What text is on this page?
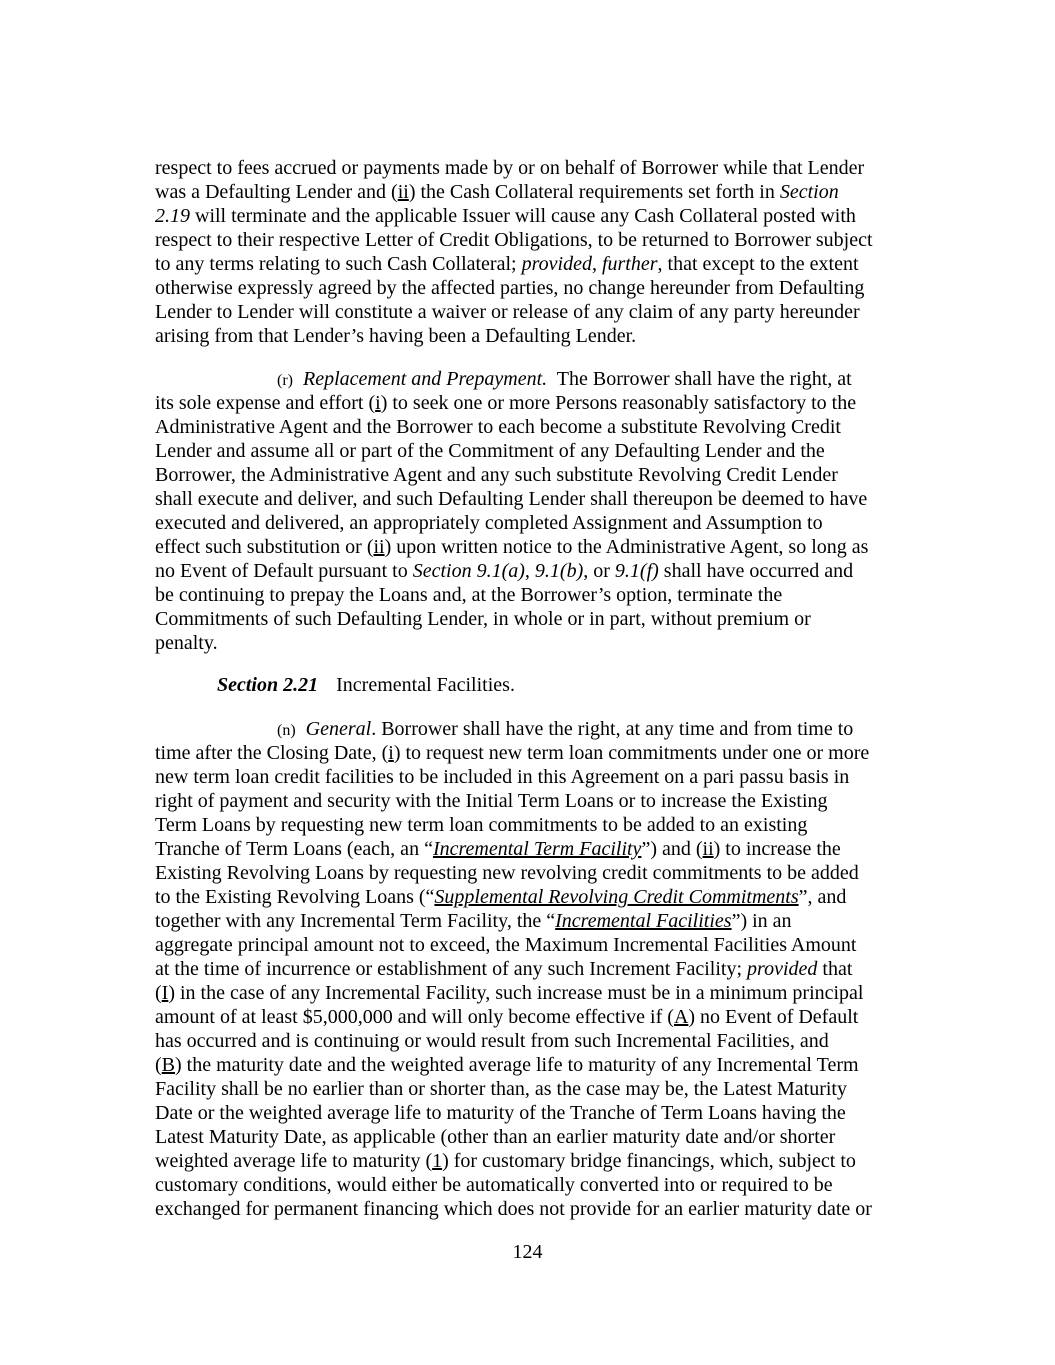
respect to fees accrued or payments made by or on behalf of Borrower while that Lender
was a Defaulting Lender and (ii) the Cash Collateral requirements set forth in Section
2.19 will terminate and the applicable Issuer will cause any Cash Collateral posted with
respect to their respective Letter of Credit Obligations, to be returned to Borrower subject
to any terms relating to such Cash Collateral; provided, further, that except to the extent
otherwise expressly agreed by the affected parties, no change hereunder from Defaulting
Lender to Lender will constitute a waiver or release of any claim of any party hereunder
arising from that Lender’s having been a Defaulting Lender.
(r) Replacement and Prepayment. The Borrower shall have the right, at
its sole expense and effort (i) to seek one or more Persons reasonably satisfactory to the
Administrative Agent and the Borrower to each become a substitute Revolving Credit
Lender and assume all or part of the Commitment of any Defaulting Lender and the
Borrower, the Administrative Agent and any such substitute Revolving Credit Lender
shall execute and deliver, and such Defaulting Lender shall thereupon be deemed to have
executed and delivered, an appropriately completed Assignment and Assumption to
effect such substitution or (ii) upon written notice to the Administrative Agent, so long as
no Event of Default pursuant to Section 9.1(a), 9.1(b), or 9.1(f) shall have occurred and
be continuing to prepay the Loans and, at the Borrower’s option, terminate the
Commitments of such Defaulting Lender, in whole or in part, without premium or
penalty.
Section 2.21 Incremental Facilities.
(n) General. Borrower shall have the right, at any time and from time to
time after the Closing Date, (i) to request new term loan commitments under one or more
new term loan credit facilities to be included in this Agreement on a pari passu basis in
right of payment and security with the Initial Term Loans or to increase the Existing
Term Loans by requesting new term loan commitments to be added to an existing
Tranche of Term Loans (each, an “Incremental Term Facility”) and (ii) to increase the
Existing Revolving Loans by requesting new revolving credit commitments to be added
to the Existing Revolving Loans (“Supplemental Revolving Credit Commitments”, and
together with any Incremental Term Facility, the “Incremental Facilities”) in an
aggregate principal amount not to exceed, the Maximum Incremental Facilities Amount
at the time of incurrence or establishment of any such Increment Facility; provided that
(I) in the case of any Incremental Facility, such increase must be in a minimum principal
amount of at least $5,000,000 and will only become effective if (A) no Event of Default
has occurred and is continuing or would result from such Incremental Facilities, and
(B) the maturity date and the weighted average life to maturity of any Incremental Term
Facility shall be no earlier than or shorter than, as the case may be, the Latest Maturity
Date or the weighted average life to maturity of the Tranche of Term Loans having the
Latest Maturity Date, as applicable (other than an earlier maturity date and/or shorter
weighted average life to maturity (1) for customary bridge financings, which, subject to
customary conditions, would either be automatically converted into or required to be
exchanged for permanent financing which does not provide for an earlier maturity date or
124
